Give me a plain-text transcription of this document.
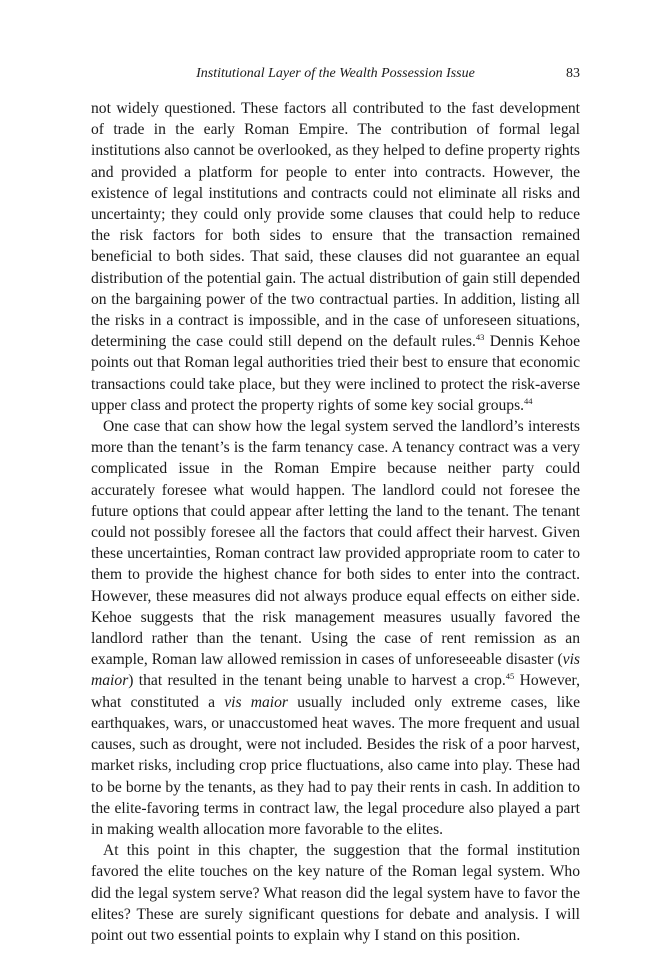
Institutional Layer of the Wealth Possession Issue	83

not widely questioned. These factors all contributed to the fast development of trade in the early Roman Empire. The contribution of formal legal institutions also cannot be overlooked, as they helped to define property rights and provided a platform for people to enter into contracts. However, the existence of legal institutions and contracts could not eliminate all risks and uncertainty; they could only provide some clauses that could help to reduce the risk factors for both sides to ensure that the transaction remained beneficial to both sides. That said, these clauses did not guarantee an equal distribution of the potential gain. The actual distribution of gain still depended on the bargaining power of the two contractual parties. In addition, listing all the risks in a contract is impossible, and in the case of unforeseen situations, determining the case could still depend on the default rules.$^{43}$ Dennis Kehoe points out that Roman legal authorities tried their best to ensure that economic transactions could take place, but they were inclined to protect the risk-averse upper class and protect the property rights of some key social groups.$^{44}$

One case that can show how the legal system served the landlord’s interests more than the tenant’s is the farm tenancy case. A tenancy contract was a very complicated issue in the Roman Empire because neither party could accurately foresee what would happen. The landlord could not foresee the future options that could appear after letting the land to the tenant. The tenant could not possibly foresee all the factors that could affect their harvest. Given these uncertainties, Roman contract law provided appropriate room to cater to them to provide the highest chance for both sides to enter into the contract. However, these measures did not always produce equal effects on either side. Kehoe suggests that the risk management measures usually favored the landlord rather than the tenant. Using the case of rent remission as an example, Roman law allowed remission in cases of unforeseeable disaster (vis maior) that resulted in the tenant being unable to harvest a crop.$^{45}$ However, what constituted a vis maior usually included only extreme cases, like earthquakes, wars, or unaccustomed heat waves. The more frequent and usual causes, such as drought, were not included. Besides the risk of a poor harvest, market risks, including crop price fluctuations, also came into play. These had to be borne by the tenants, as they had to pay their rents in cash. In addition to the elite-favoring terms in contract law, the legal procedure also played a part in making wealth allocation more favorable to the elites.

At this point in this chapter, the suggestion that the formal institution favored the elite touches on the key nature of the Roman legal system. Who did the legal system serve? What reason did the legal system have to favor the elites? These are surely significant questions for debate and analysis. I will point out two essential points to explain why I stand on this position.
